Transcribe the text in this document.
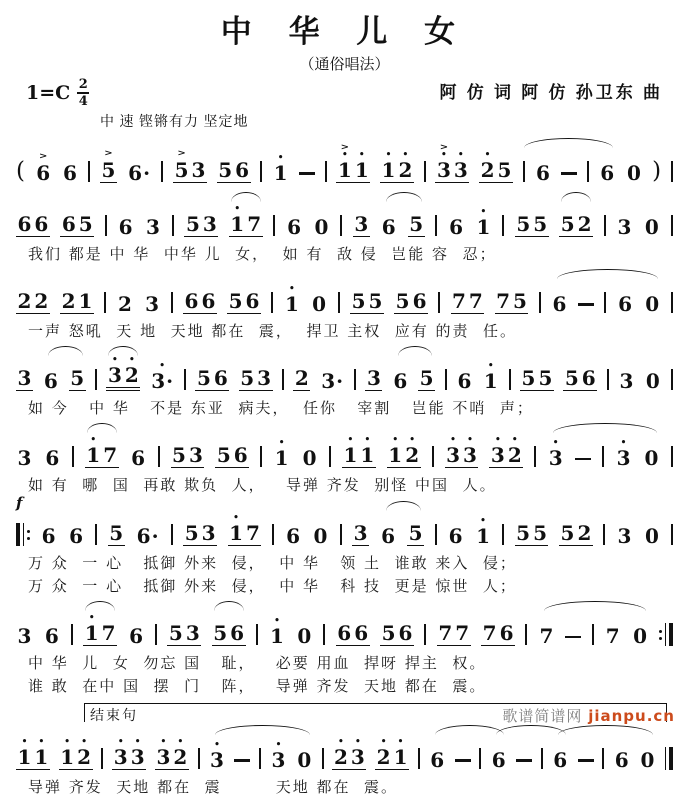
中 华 儿 女
（通俗唱法）
$1=C \frac{2}{4}$	阿 仿 词 阿 仿 孙卫东 曲
中 速 铿锵有力 坚定地
(
>
6 6
>
5 6·
>
5 3 5 6	•
1
>
•
1
•
1
•
1
•
2
>
•
3
•
3
•
2 5 6	6 0 )
6 6 6 5 6 3 5 3
•
1 7 6 0 3 6 5 6
•
1 5 5 5 2 3 0
我们 都是 中 华  中华 儿  女，  如 有  敌 侵  岂能 容  忍；
2 2 2 1 2 3 6 6 5 6	•
1 0 5 5 5 6 7 7 7 5 6	6 0
一声 怒吼  天 地  天地 都在  震，  捍卫 主权  应有 的责  任。
3 6 5
•
3
•
2 •
3· 5 6 5 3 2 3· 3 6 5 6
•
1 5 5 5 6 3 0
如 今   中 华   不是 东亚  病夫，  任你   宰割   岂能 不哨  声；
3 6
•
1 7 6 5 3 5 6	•
1 0
•
1
•
1
•
1
•
2
•
3
•
3
•
3
•
2	•
3
•
3 0
如 有  哪  国  再敢 欺负  人，   导弹 齐发  别怪 中国  人。
f
6 6 5 6· 5 3
•
1 7 6 0 3 6 5 6
•
1 5 5 5 2 3 0
万 众  一 心   抵御 外来  侵，  中 华   领 土  谁敢 来入  侵；
万 众  一 心   抵御 外来  侵，  中 华   科 技  更是 惊世  人；
3 6
•
1 7 6 5 3 5 6	•
1 0 6 6 5 6 7 7 7 6 7	7 0
中 华  儿  女  勿忘 国   耻，   必要 用血  捍呀 捍主  权。
谁 敢  在中 国  摆  门   阵，   导弹 齐发  天地 都在  震。
结束句
•
1
•
1
•
1
•
2
•
3
•
3
•
3
•
2	•
3
•
3 0
•
2
•
3
•
2
•
1 6 6 6 6 0
导弹 齐发  天地 都在  震        天地 都在  震。
歌谱简谱网 jianpu.cn
